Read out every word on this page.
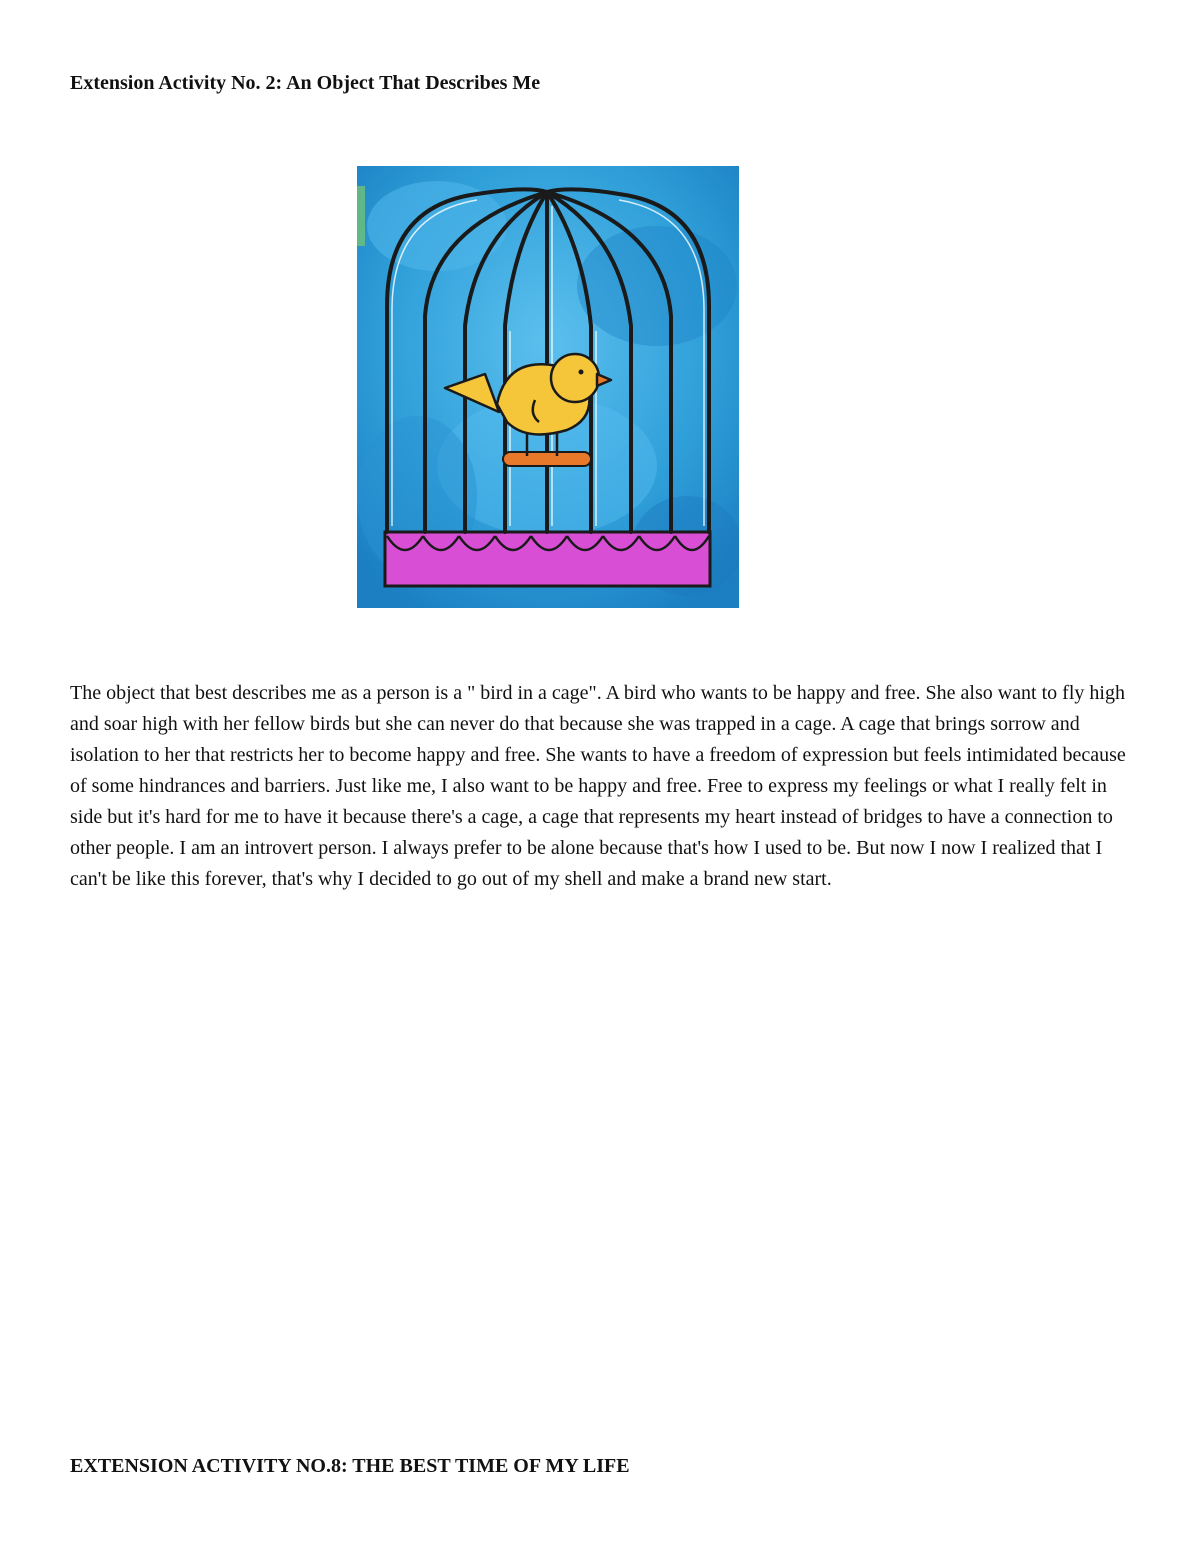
Extension Activity No. 2: An Object That Describes Me

The object that best describes me as a person is a " bird in a cage". A bird who wants to be happy and free. She also want to fly high and soar high with her fellow birds but she can never do that because she was trapped in a cage. A cage that brings sorrow and isolation to her that restricts her to become happy and free. She wants to have a freedom of expression but feels intimidated because of some hindrances and barriers. Just like me, I also want to be happy and free. Free to express my feelings or what I really felt in side but it's hard for me to have it because there's a cage, a cage that represents my heart instead of bridges to have a connection to other people. I am an introvert person. I always prefer to be alone because that's how I used to be. But now I now I realized that I can't be like this forever, that's why I decided to go out of my shell and make a brand new start.

EXTENSION ACTIVITY NO.8: THE BEST TIME OF MY LIFE
